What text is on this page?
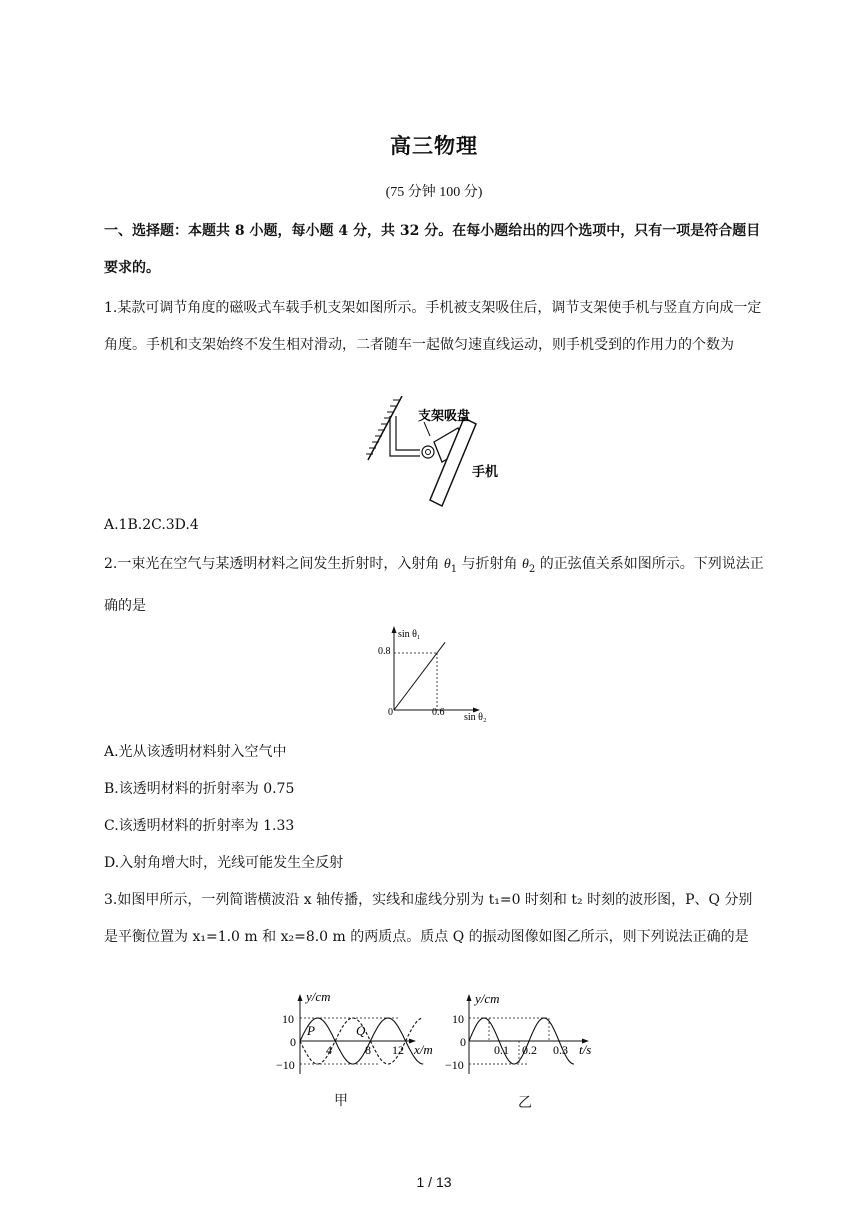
高三物理
(75 分钟 100 分)
一、选择题：本题共 8 小题，每小题 4 分，共 32 分。在每小题给出的四个选项中，只有一项是符合题目要求的。
1.某款可调节角度的磁吸式车载手机支架如图所示。手机被支架吸住后，调节支架使手机与竖直方向成一定角度。手机和支架始终不发生相对滑动，二者随车一起做匀速直线运动，则手机受到的作用力的个数为
支架吸盘
手机
A.1B.2C.3D.4
2.一束光在空气与某透明材料之间发生折射时，入射角 $\theta_1$ 与折射角 $\theta_2$ 的正弦值关系如图所示。下列说法正确的是
sin θ₁
sin θ₂
0.8
0	0.6
A.光从该透明材料射入空气中
B.该透明材料的折射率为 0.75
C.该透明材料的折射率为 1.33
D.入射角增大时，光线可能发生全反射
3.如图甲所示，一列简谐横波沿 x 轴传播，实线和虚线分别为 t₁=0 时刻和 t₂ 时刻的波形图，P、Q 分别是平衡位置为 x₁=1.0 m 和 x₂=8.0 m 的两质点。质点 Q 的振动图像如图乙所示，则下列说法正确的是
y/cm
x/m
10
0
−10
4	8 12
P	Q
y/cm
t/s
10
0
−10
0.1 0.2 0.3
甲	乙
1 / 13
